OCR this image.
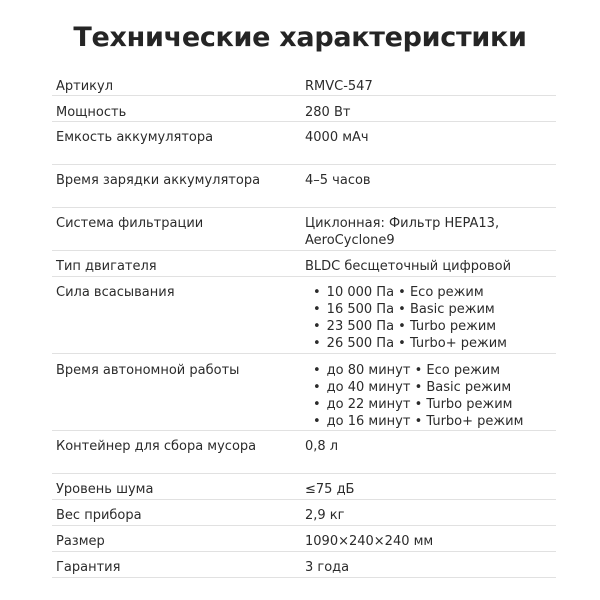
Технические характеристики
Артикул	RMVC-547
Мощность	280 Вт
Емкость аккумулятора	4000 мАч
Время зарядки аккумулятора	4–5 часов
Система фильтрации	Циклонная: Фильтр HEPA13, AeroCyclone9
Тип двигателя	BLDC бесщеточный цифровой
Сила всасывания	• 10 000 Па • Eco режим
• 16 500 Па • Basic режим
• 23 500 Па • Turbo режим
• 26 500 Па • Turbo+ режим
Время автономной работы	• до 80 минут • Eco режим
• до 40 минут • Basic режим
• до 22 минут • Turbo режим
• до 16 минут • Turbo+ режим
Контейнер для сбора мусора	0,8 л
Уровень шума	≤75 дБ
Вес прибора	2,9 кг
Размер	1090×240×240 мм
Гарантия	3 года
